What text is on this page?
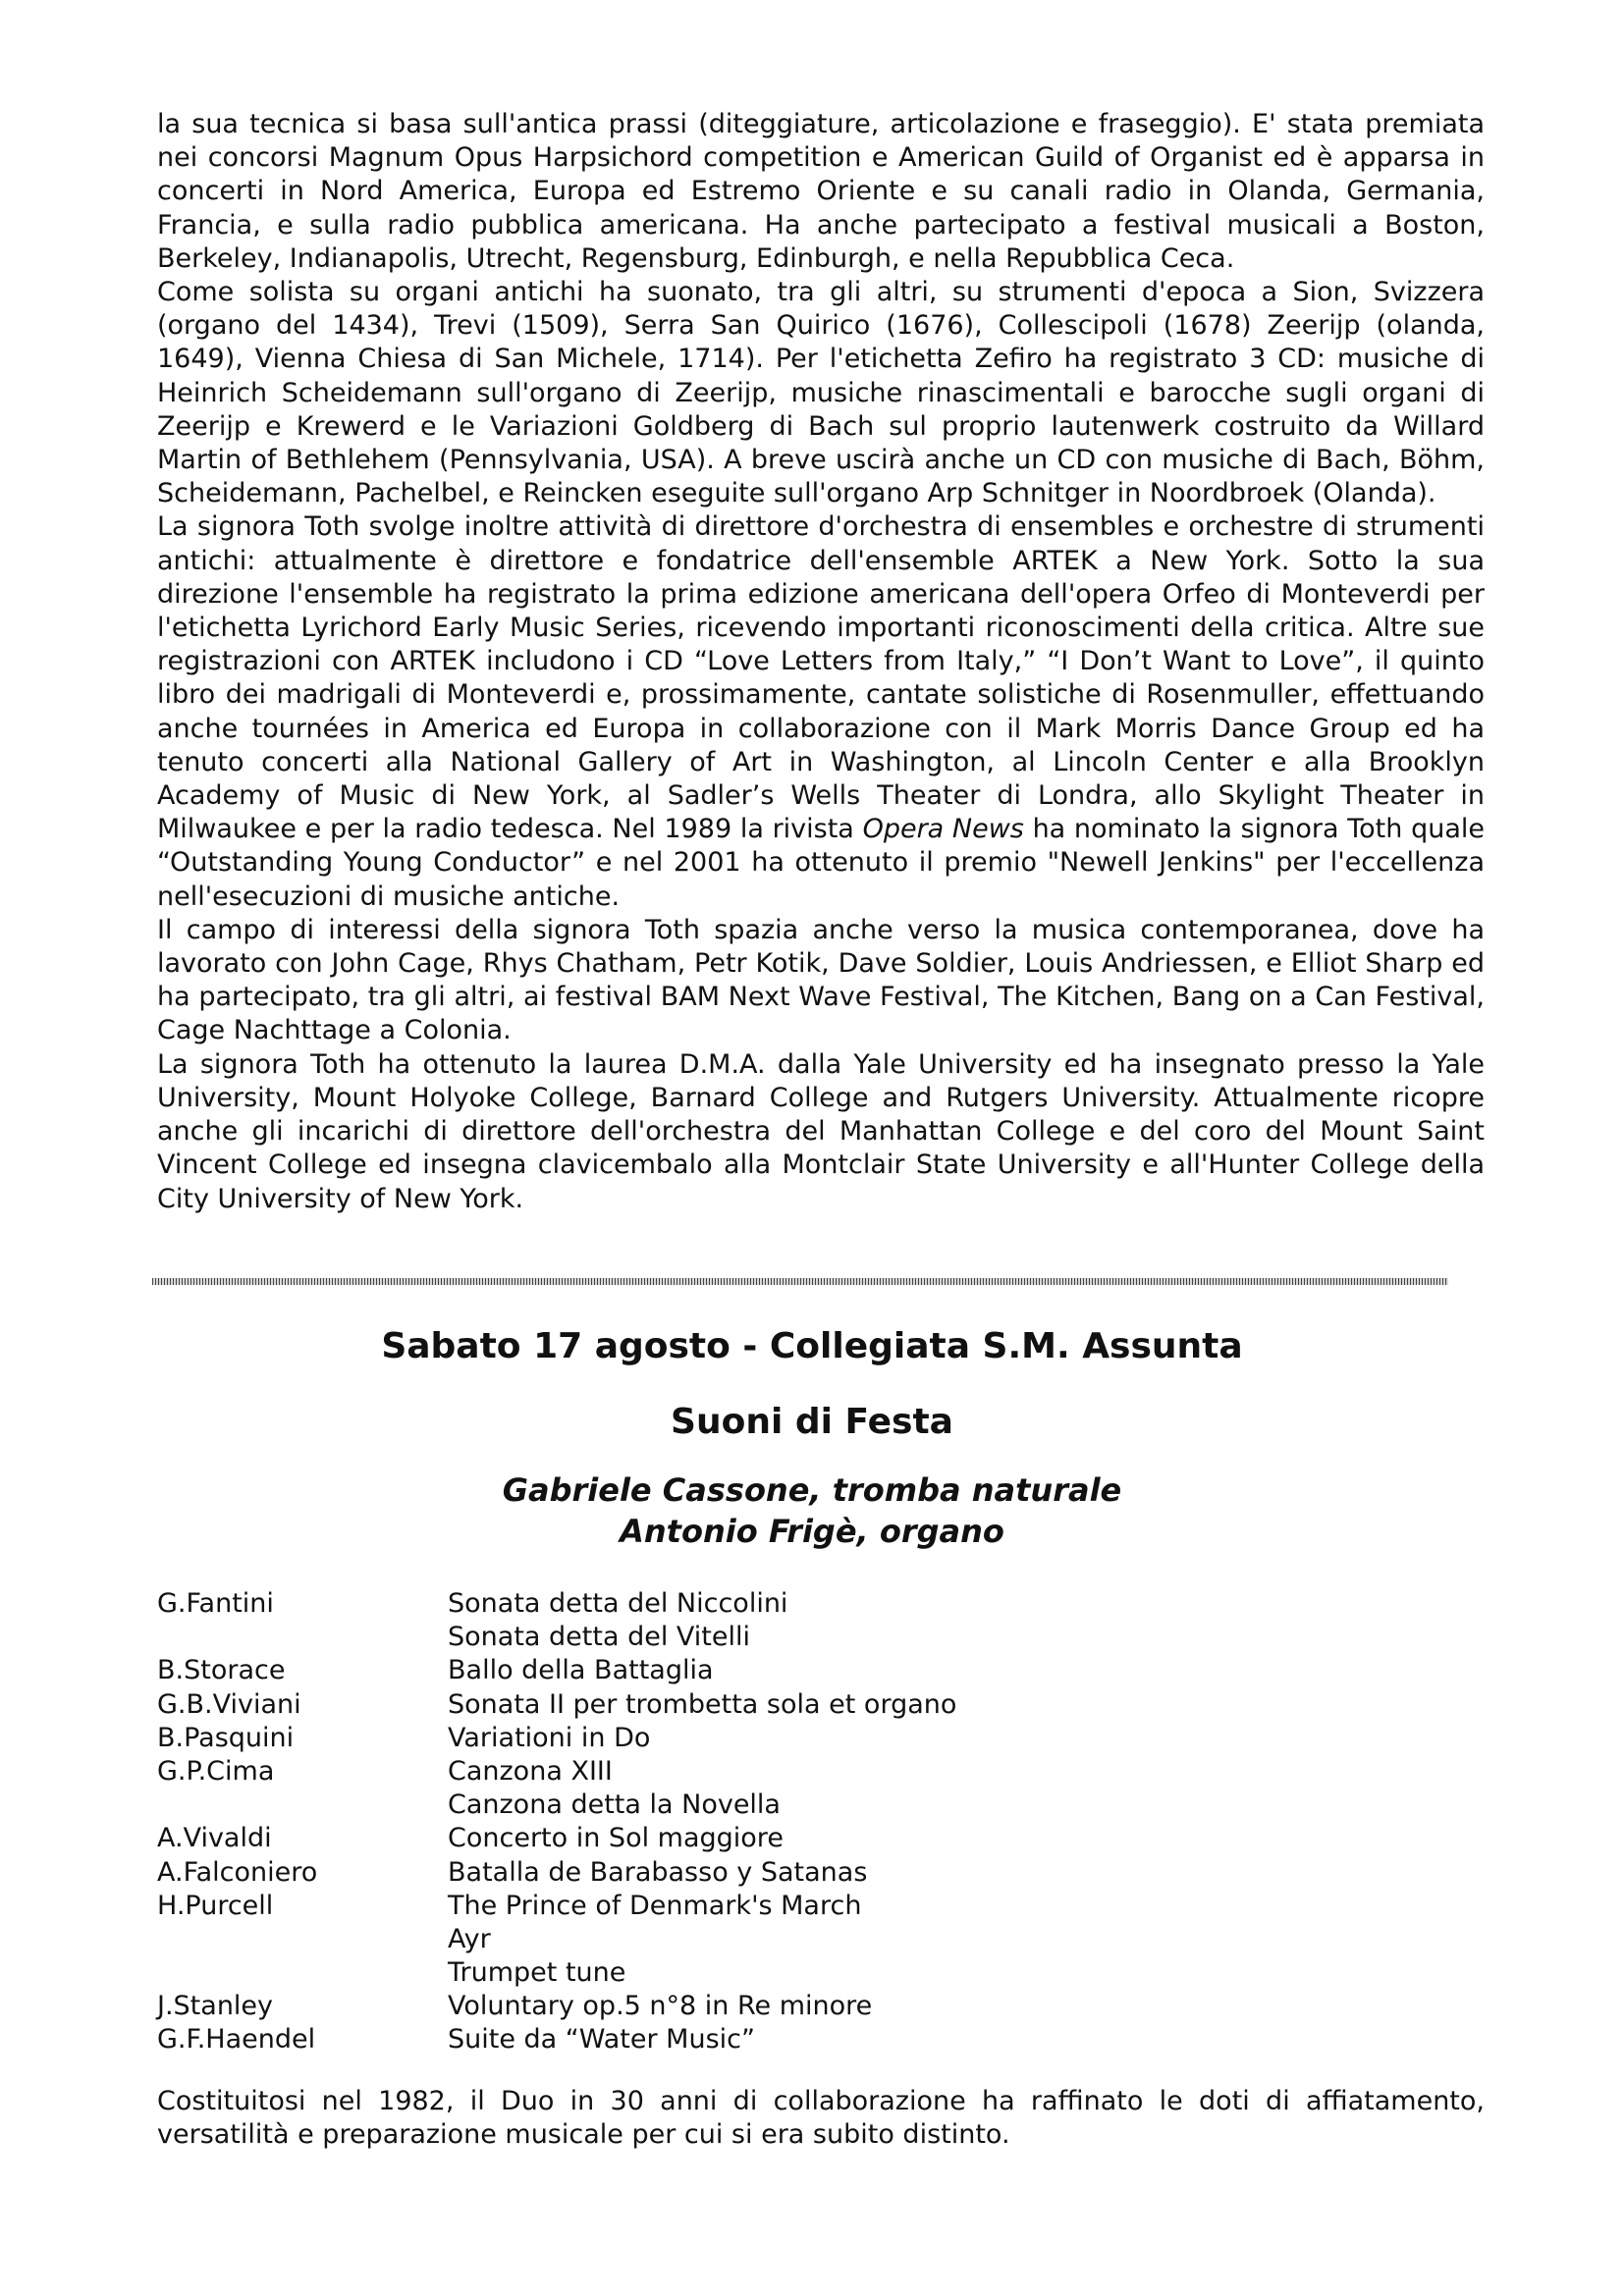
la sua tecnica si basa sull'antica prassi (diteggiature, articolazione e fraseggio). E' stata premiata nei concorsi Magnum Opus Harpsichord competition e American Guild of Organist ed è apparsa in concerti in Nord America, Europa ed Estremo Oriente e su canali radio in Olanda, Germania, Francia, e sulla radio pubblica americana. Ha anche partecipato a festival musicali a Boston, Berkeley, Indianapolis, Utrecht, Regensburg, Edinburgh, e nella Repubblica Ceca.

Come solista su organi antichi ha suonato, tra gli altri, su strumenti d'epoca a Sion, Svizzera (organo del 1434), Trevi (1509), Serra San Quirico (1676), Collescipoli (1678) Zeerijp (olanda, 1649), Vienna Chiesa di San Michele, 1714). Per l'etichetta Zefiro ha registrato 3 CD: musiche di Heinrich Scheidemann sull'organo di Zeerijp, musiche rinascimentali e barocche sugli organi di Zeerijp e Krewerd e le Variazioni Goldberg di Bach sul proprio lautenwerk costruito da Willard Martin of Bethlehem (Pennsylvania, USA). A breve uscirà anche un CD con musiche di Bach, Böhm, Scheidemann, Pachelbel, e Reincken eseguite sull'organo Arp Schnitger in Noordbroek (Olanda).

La signora Toth svolge inoltre attività di direttore d'orchestra di ensembles e orchestre di strumenti antichi: attualmente è direttore e fondatrice dell'ensemble ARTEK a New York. Sotto la sua direzione l'ensemble ha registrato la prima edizione americana dell'opera Orfeo di Monteverdi per l'etichetta Lyrichord Early Music Series, ricevendo importanti riconoscimenti della critica. Altre sue registrazioni con ARTEK includono i CD “Love Letters from Italy,” “I Don’t Want to Love”, il quinto libro dei madrigali di Monteverdi e, prossimamente, cantate solistiche di Rosenmuller, effettuando anche tournées in America ed Europa in collaborazione con il Mark Morris Dance Group ed ha tenuto concerti alla National Gallery of Art in Washington, al Lincoln Center e alla Brooklyn Academy of Music di New York, al Sadler’s Wells Theater di Londra, allo Skylight Theater in Milwaukee e per la radio tedesca. Nel 1989 la rivista Opera News ha nominato la signora Toth quale “Outstanding Young Conductor” e nel 2001 ha ottenuto il premio "Newell Jenkins" per l'eccellenza nell'esecuzioni di musiche antiche.

Il campo di interessi della signora Toth spazia anche verso la musica contemporanea, dove ha lavorato con John Cage, Rhys Chatham, Petr Kotik, Dave Soldier, Louis Andriessen, e Elliot Sharp ed ha partecipato, tra gli altri, ai festival BAM Next Wave Festival, The Kitchen, Bang on a Can Festival, Cage Nachttage a Colonia.

La signora Toth ha ottenuto la laurea D.M.A. dalla Yale University ed ha insegnato presso la Yale University, Mount Holyoke College, Barnard College and Rutgers University. Attualmente ricopre anche gli incarichi di direttore dell'orchestra del Manhattan College e del coro del Mount Saint Vincent College ed insegna clavicembalo alla Montclair State University e all'Hunter College della City University of New York.

Sabato 17 agosto - Collegiata S.M. Assunta
Suoni di Festa
Gabriele Cassone, tromba naturale
Antonio Frigè, organo
G.Fantini	Sonata detta del Niccolini
Sonata detta del Vitelli
B.Storace	Ballo della Battaglia
G.B.Viviani	Sonata II per trombetta sola et organo
B.Pasquini	Variationi in Do
G.P.Cima	Canzona XIII
Canzona detta la Novella
A.Vivaldi	Concerto in Sol maggiore
A.Falconiero	Batalla de Barabasso y Satanas
H.Purcell	The Prince of Denmark's March
Ayr
Trumpet tune
J.Stanley	Voluntary op.5 n°8 in Re minore
G.F.Haendel	Suite da “Water Music”

Costituitosi nel 1982, il Duo in 30 anni di collaborazione ha raffinato le doti di affiatamento, versatilità e preparazione musicale per cui si era subito distinto.
